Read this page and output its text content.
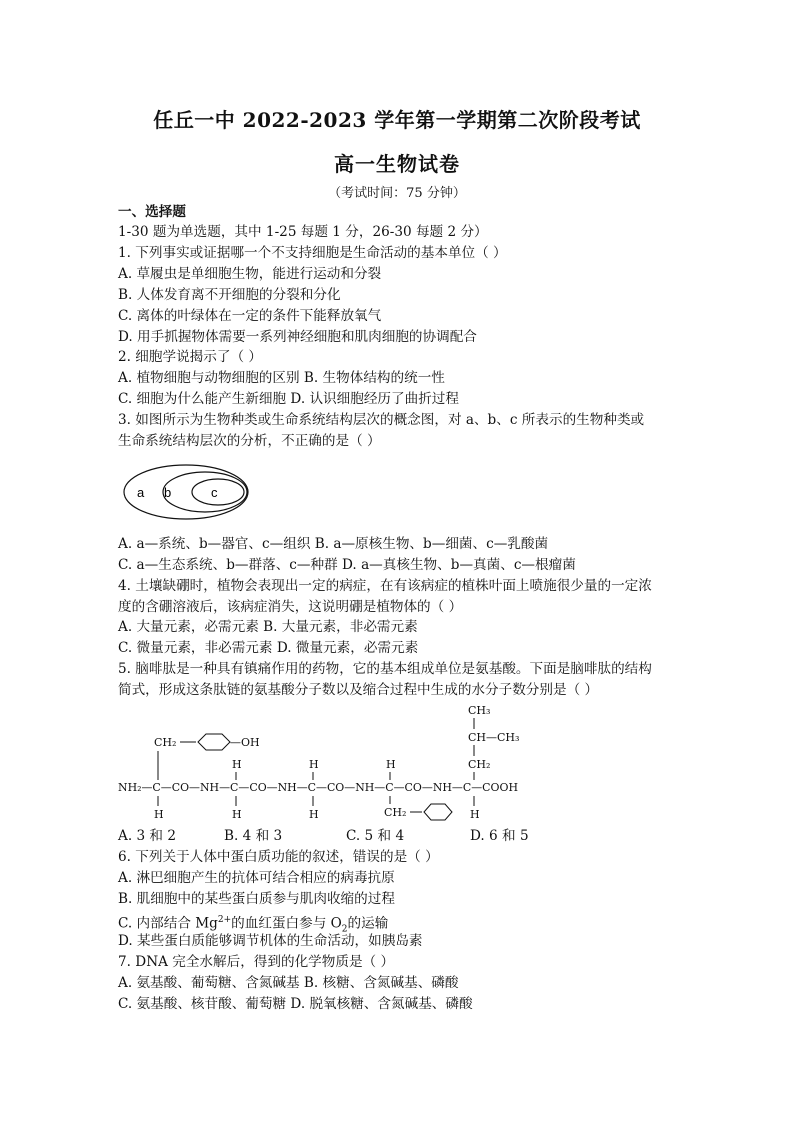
任丘一中 2022-2023 学年第一学期第二次阶段考试
高一生物试卷
（考试时间：75 分钟）
一、选择题
1-30 题为单选题，其中 1-25 每题 1 分，26-30 每题 2 分）
1. 下列事实或证据哪一个不支持细胞是生命活动的基本单位（ ）
A. 草履虫是单细胞生物，能进行运动和分裂
B. 人体发育离不开细胞的分裂和分化
C. 离体的叶绿体在一定的条件下能释放氧气
D. 用手抓握物体需要一系列神经细胞和肌肉细胞的协调配合
2. 细胞学说揭示了（ ）
A. 植物细胞与动物细胞的区别 B. 生物体结构的统一性
C. 细胞为什么能产生新细胞 D. 认识细胞经历了曲折过程
3. 如图所示为生物种类或生命系统结构层次的概念图，对 a、b、c 所表示的生物种类或
生命系统结构层次的分析，不正确的是（ ）
a b	c
A. a—系统、b—器官、c—组织 B. a—原核生物、b—细菌、c—乳酸菌
C. a—生态系统、b—群落、c—种群 D. a—真核生物、b—真菌、c—根瘤菌
4. 土壤缺硼时，植物会表现出一定的病症，在有该病症的植株叶面上喷施很少量的一定浓
度的含硼溶液后，该病症消失，这说明硼是植物体的（ ）
A. 大量元素，必需元素 B. 大量元素，非必需元素
C. 微量元素，非必需元素 D. 微量元素，必需元素
5. 脑啡肽是一种具有镇痛作用的药物，它的基本组成单位是氨基酸。下面是脑啡肽的结构
简式，形成这条肽链的氨基酸分子数以及缩合过程中生成的水分子数分别是（ ）
CH₃
CH—CH₃
CH₂
CH₂	—OH
H	H	H
NH₂—C—CO—NH—C—CO—NH—C—CO—NH—C—CO—NH—C—COOH
H	H	H	H
CH₂
A. 3 和 2	B. 4 和 3	C. 5 和 4	D. 6 和 5
6. 下列关于人体中蛋白质功能的叙述，错误的是（ ）
A. 淋巴细胞产生的抗体可结合相应的病毒抗原
B. 肌细胞中的某些蛋白质参与肌肉收缩的过程
C. 内部结合 $Mg^{2+}$的血红蛋白参与 $O_2$的运输
D. 某些蛋白质能够调节机体的生命活动，如胰岛素
7. DNA 完全水解后，得到的化学物质是（ ）
A. 氨基酸、葡萄糖、含氮碱基 B. 核糖、含氮碱基、磷酸
C. 氨基酸、核苷酸、葡萄糖 D. 脱氧核糖、含氮碱基、磷酸
